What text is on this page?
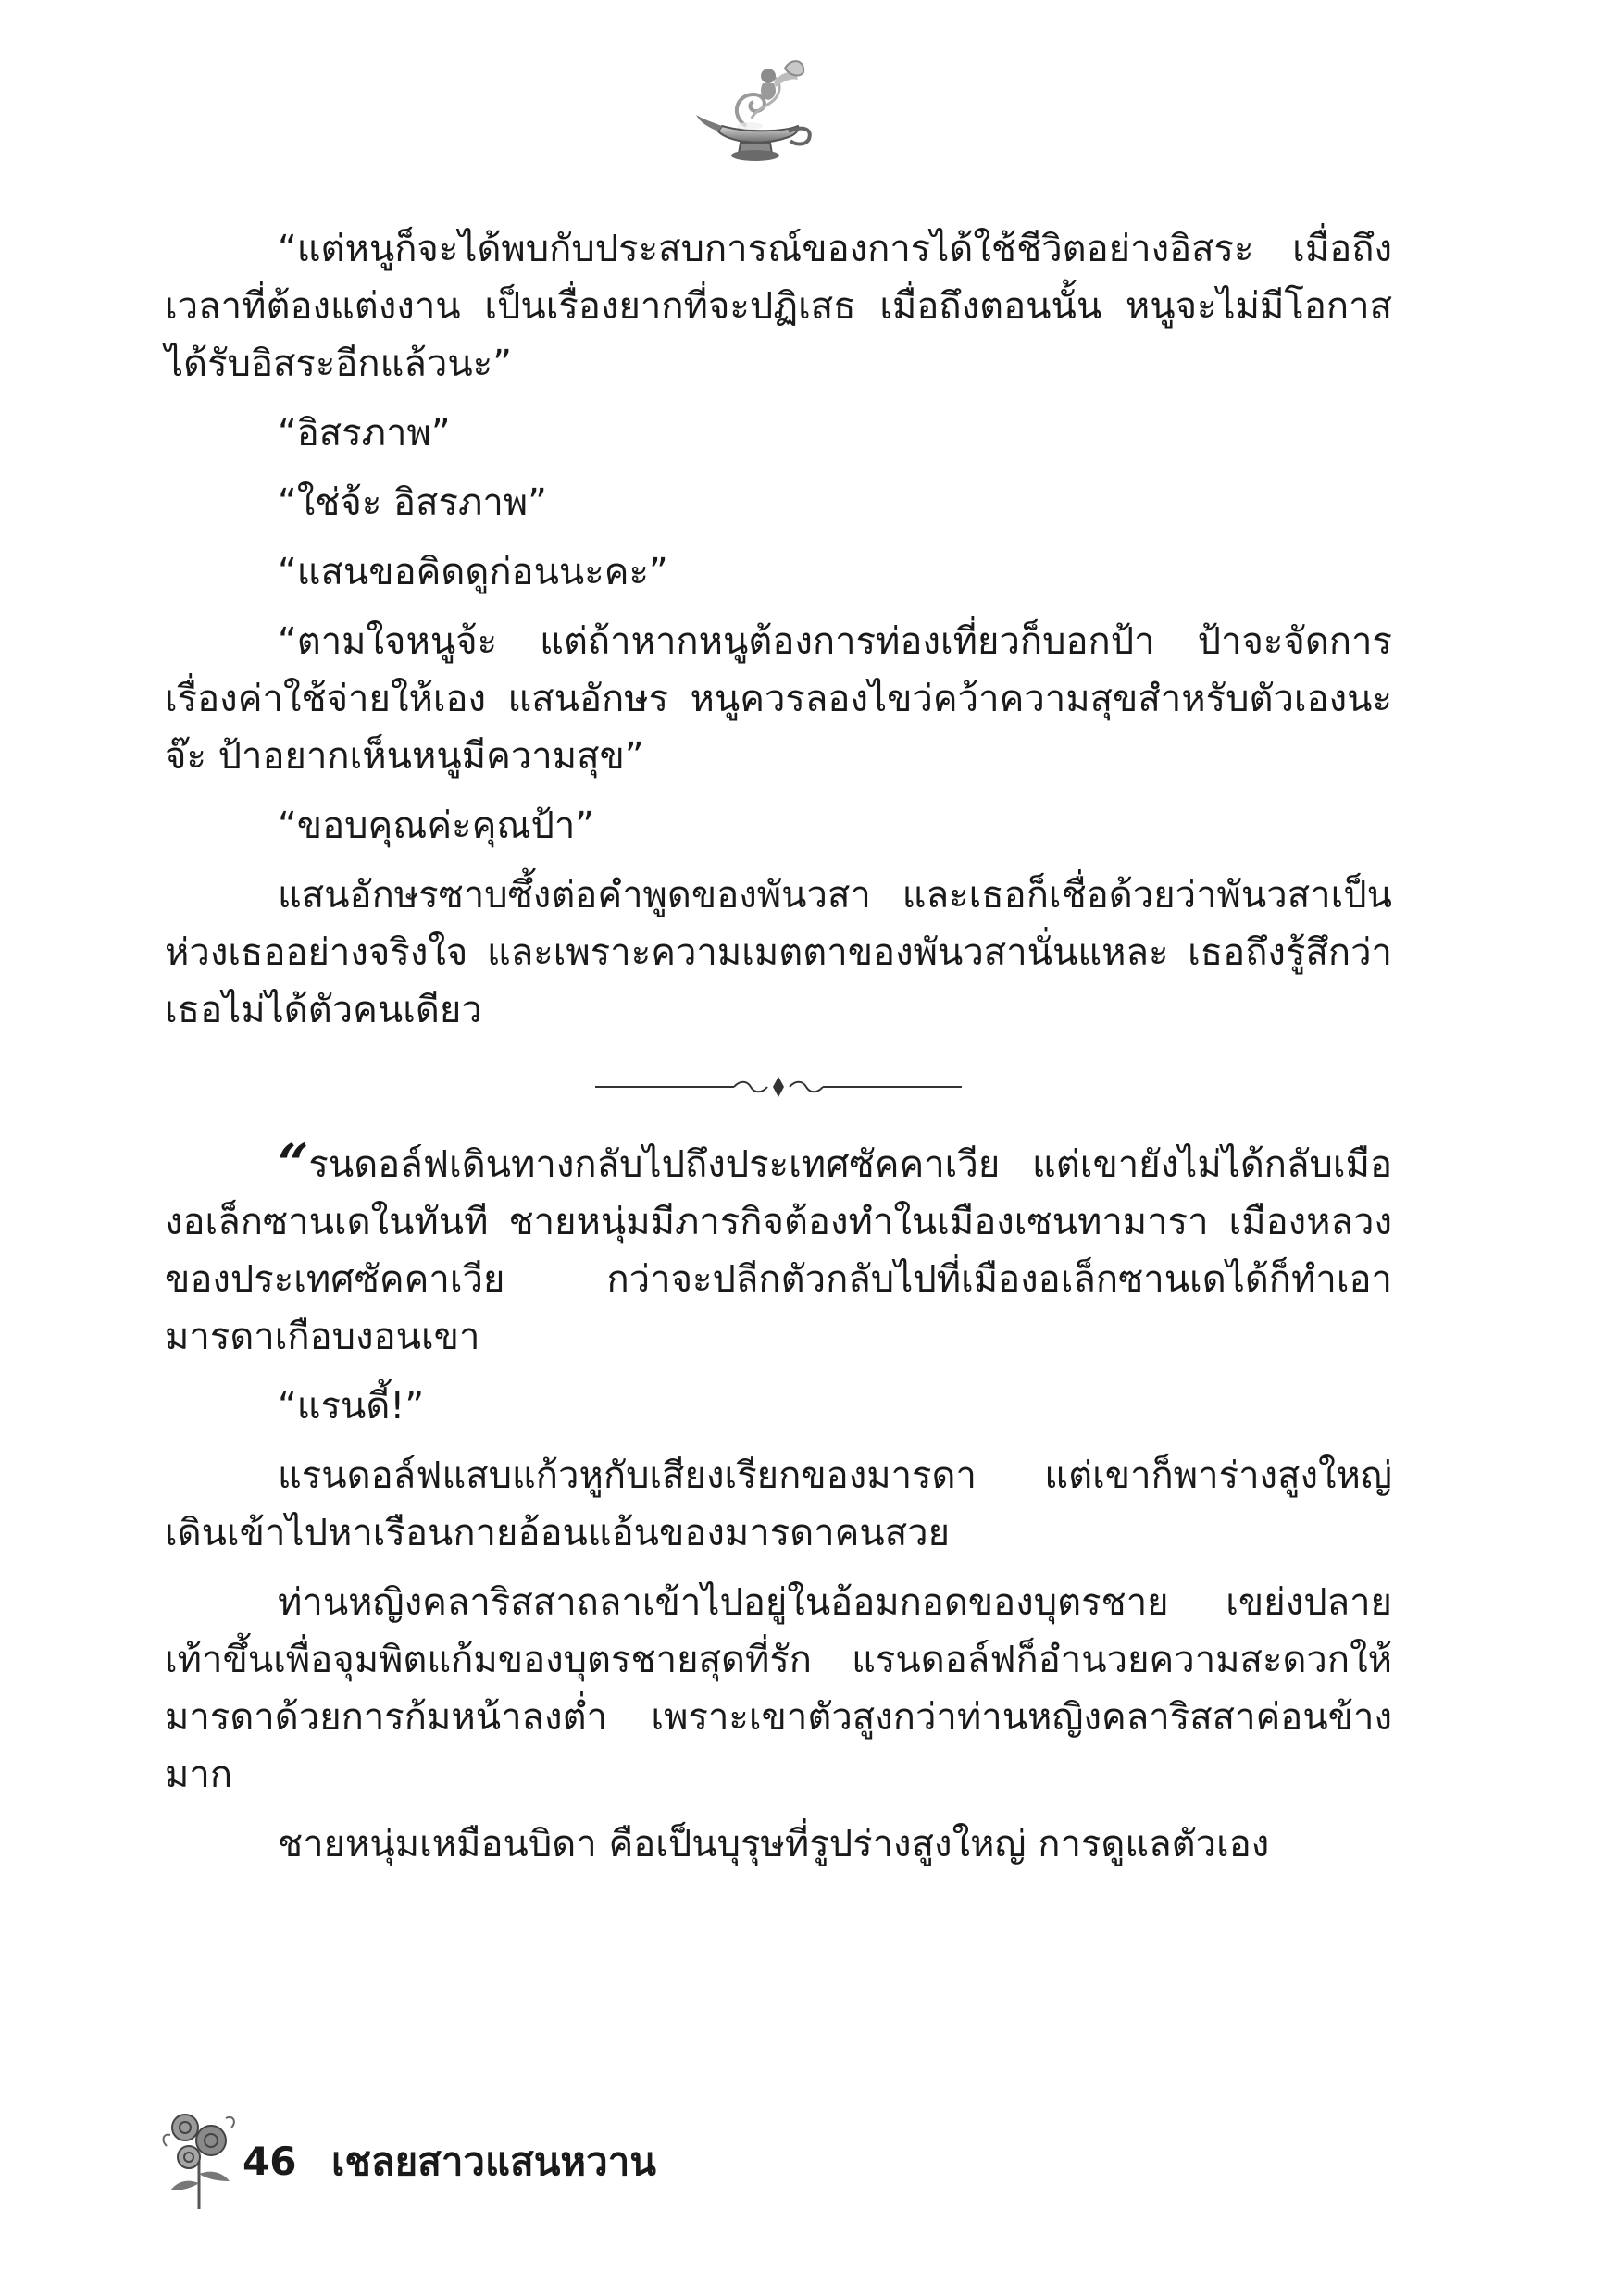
“แต่หนูก็จะได้พบกับประสบการณ์ของการได้ใช้ชีวิตอย่างอิสระ เมื่อถึงเวลาที่ต้องแต่งงาน เป็นเรื่องยากที่จะปฏิเสธ เมื่อถึงตอนนั้น หนูจะไม่มีโอกาสได้รับอิสระอีกแล้วนะ”

“อิสรภาพ”

“ใช่จ้ะ อิสรภาพ”

“แสนขอคิดดูก่อนนะคะ”

“ตามใจหนูจ้ะ แต่ถ้าหากหนูต้องการท่องเที่ยวก็บอกป้า ป้าจะจัดการเรื่องค่าใช้จ่ายให้เอง แสนอักษร หนูควรลองไขว่คว้าความสุขสำหรับตัวเองนะจ๊ะ ป้าอยากเห็นหนูมีความสุข”

“ขอบคุณค่ะคุณป้า”

แสนอักษรซาบซึ้งต่อคำพูดของพันวสา และเธอก็เชื่อด้วยว่าพันวสาเป็นห่วงเธออย่างจริงใจ และเพราะความเมตตาของพันวสานั่นแหละ เธอถึงรู้สึกว่าเธอไม่ได้ตัวคนเดียว

“ รนดอล์ฟเดินทางกลับไปถึงประเทศซัคคาเวีย แต่เขายังไม่ได้กลับเมืองอเล็กซานเดในทันที ชายหนุ่มมีภารกิจต้องทำในเมืองเซนทามารา เมืองหลวงของประเทศซัคคาเวีย กว่าจะปลีกตัวกลับไปที่เมืองอเล็กซานเดได้ก็ทำเอามารดาเกือบงอนเขา

“แรนดี้!”

แรนดอล์ฟแสบแก้วหูกับเสียงเรียกของมารดา แต่เขาก็พาร่างสูงใหญ่เดินเข้าไปหาเรือนกายอ้อนแอ้นของมารดาคนสวย

ท่านหญิงคลาริสสาถลาเข้าไปอยู่ในอ้อมกอดของบุตรชาย เขย่งปลายเท้าขึ้นเพื่อจุมพิตแก้มของบุตรชายสุดที่รัก แรนดอล์ฟก็อำนวยความสะดวกให้มารดาด้วยการก้มหน้าลงต่ำ เพราะเขาตัวสูงกว่าท่านหญิงคลาริสสาค่อนข้างมาก

ชายหนุ่มเหมือนบิดา คือเป็นบุรุษที่รูปร่างสูงใหญ่ การดูแลตัวเอง

46 เชลยสาวแสนหวาน
